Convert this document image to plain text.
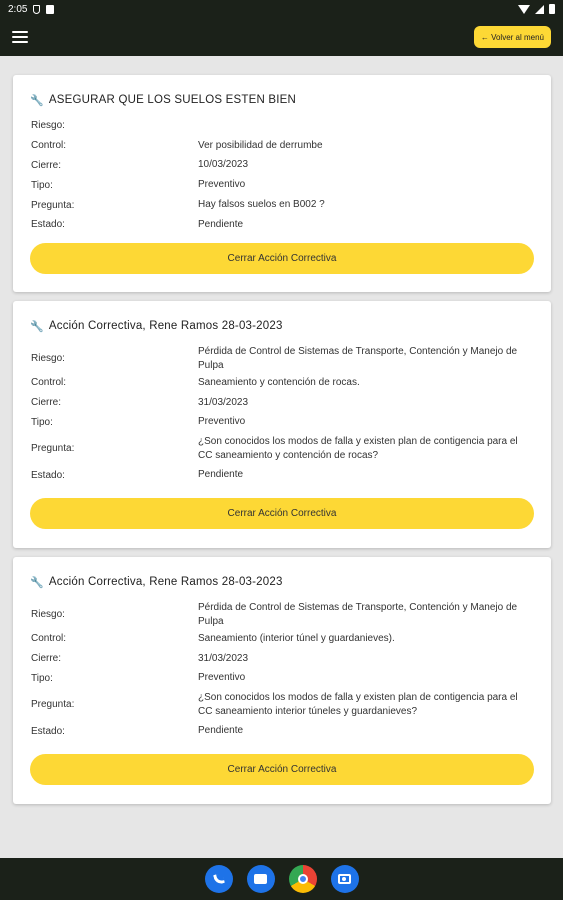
2:05
← Volver al menú
🔧 ASEGURAR QUE LOS SUELOS ESTEN BIEN
Riesgo:
Control:	Ver posibilidad de derrumbe
Cierre:	10/03/2023
Tipo:	Preventivo
Pregunta:	Hay falsos suelos en B002 ?
Estado:	Pendiente
Cerrar Acción Correctiva
🔧 Acción Correctiva, Rene Ramos 28-03-2023
Riesgo:
Pérdida de Control de Sistemas de Transporte, Contención y Manejo de Pulpa
Control:	Saneamiento y contención de rocas.
Cierre:	31/03/2023
Tipo:	Preventivo
Pregunta:
¿Son conocidos los modos de falla y existen plan de contigencia para el CC saneamiento y contención de rocas?
Estado:	Pendiente
Cerrar Acción Correctiva
🔧 Acción Correctiva, Rene Ramos 28-03-2023
Riesgo:
Pérdida de Control de Sistemas de Transporte, Contención y Manejo de Pulpa
Control:	Saneamiento (interior túnel y guardanieves).
Cierre:	31/03/2023
Tipo:	Preventivo
Pregunta:
¿Son conocidos los modos de falla y existen plan de contigencia para el CC saneamiento interior túneles y guardanieves?
Estado:	Pendiente
Cerrar Acción Correctiva
